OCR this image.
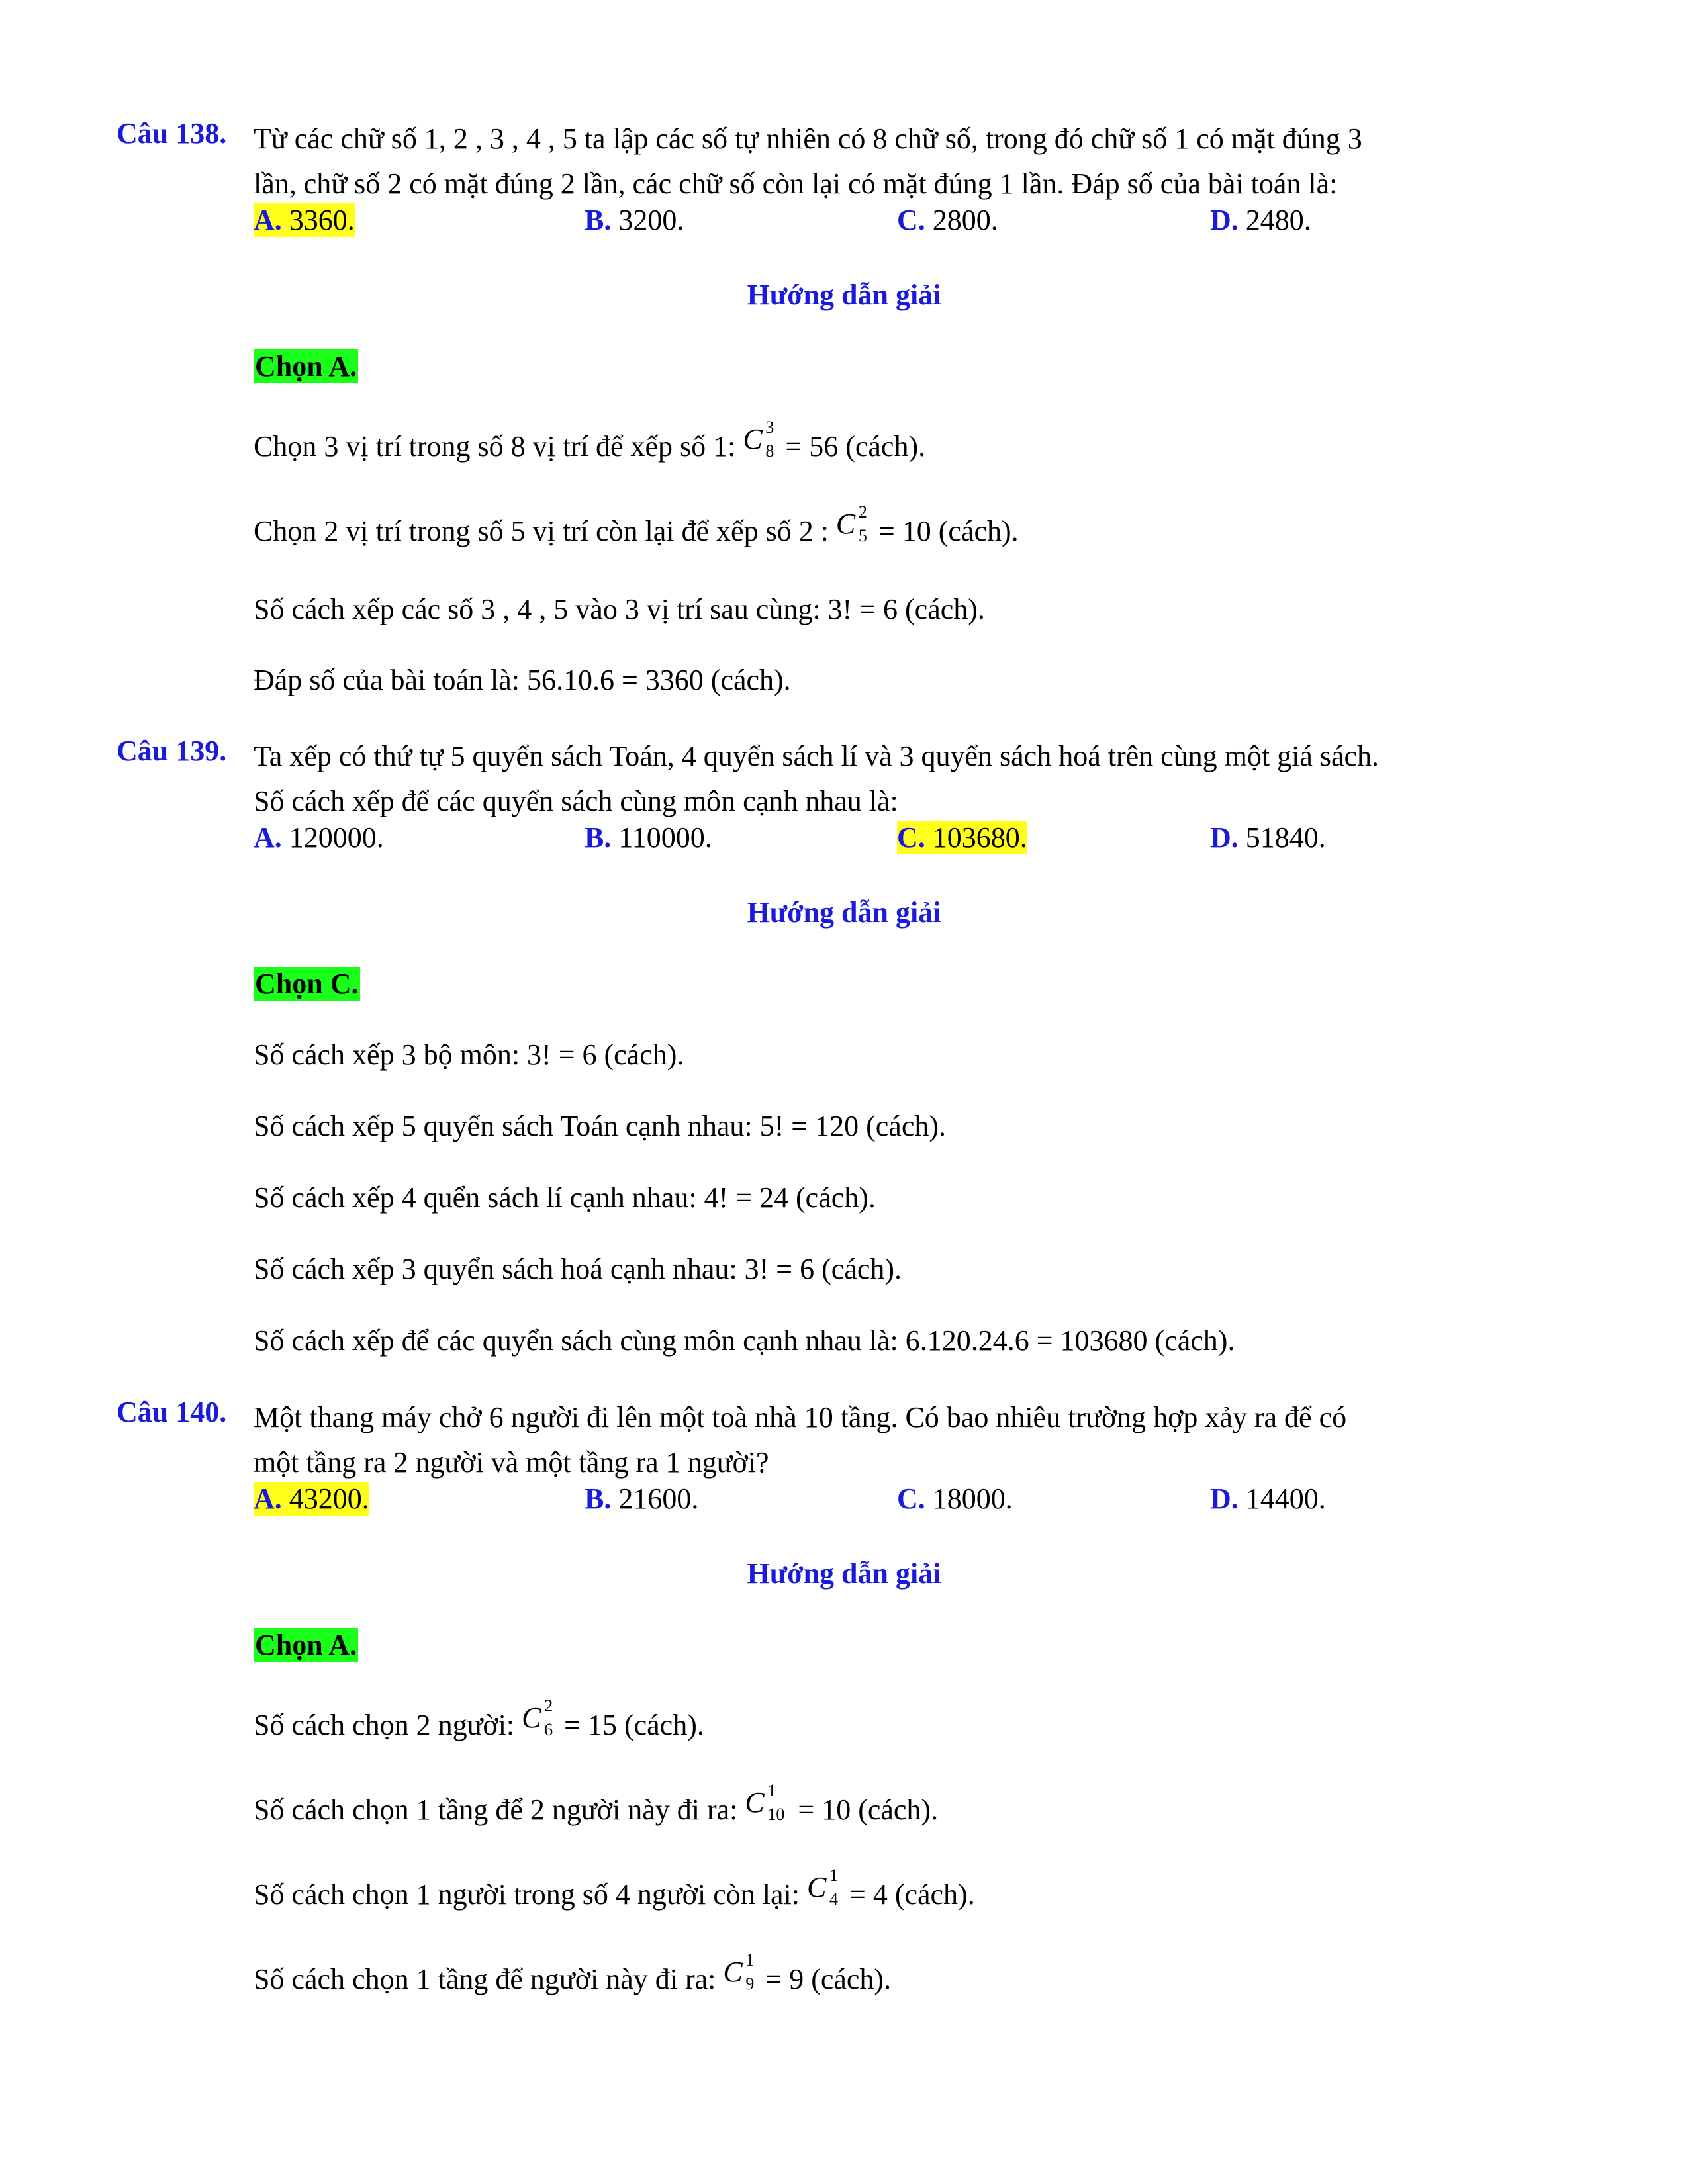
Câu 138. Từ các chữ số 1, 2 , 3 , 4 , 5 ta lập các số tự nhiên có 8 chữ số, trong đó chữ số 1 có mặt đúng 3
lần, chữ số 2 có mặt đúng 2 lần, các chữ số còn lại có mặt đúng 1 lần. Đáp số của bài toán là:
A. 3360.	B. 3200.	C. 2800.	D. 2480.
Hướng dẫn giải
Chọn A.
Chọn 3 vị trí trong số 8 vị trí để xếp số 1: C 3
8 = 56 (cách).
Chọn 2 vị trí trong số 5 vị trí còn lại để xếp số 2 : C 2
5 = 10 (cách).
Số cách xếp các số 3 , 4 , 5 vào 3 vị trí sau cùng: 3! = 6 (cách).
Đáp số của bài toán là: 56.10.6 = 3360 (cách).
Câu 139. Ta xếp có thứ tự 5 quyển sách Toán, 4 quyển sách lí và 3 quyển sách hoá trên cùng một giá sách.
Số cách xếp để các quyển sách cùng môn cạnh nhau là:
A. 120000.	B. 110000.	C. 103680.	D. 51840.
Hướng dẫn giải
Chọn C.
Số cách xếp 3 bộ môn: 3! = 6 (cách).
Số cách xếp 5 quyển sách Toán cạnh nhau: 5! = 120 (cách).
Số cách xếp 4 quển sách lí cạnh nhau: 4! = 24 (cách).
Số cách xếp 3 quyển sách hoá cạnh nhau: 3! = 6 (cách).
Số cách xếp để các quyển sách cùng môn cạnh nhau là: 6.120.24.6 = 103680 (cách).
Câu 140. Một thang máy chở 6 người đi lên một toà nhà 10 tầng. Có bao nhiêu trường hợp xảy ra để có
một tầng ra 2 người và một tầng ra 1 người?
A. 43200.	B. 21600.	C. 18000.	D. 14400.
Hướng dẫn giải
Chọn A.
Số cách chọn 2 người: C 2
6 = 15 (cách).
Số cách chọn 1 tầng để 2 người này đi ra: C 1
10 = 10 (cách).
Số cách chọn 1 người trong số 4 người còn lại: C 1
4 = 4 (cách).
Số cách chọn 1 tầng để người này đi ra: C 1
9 = 9 (cách).
